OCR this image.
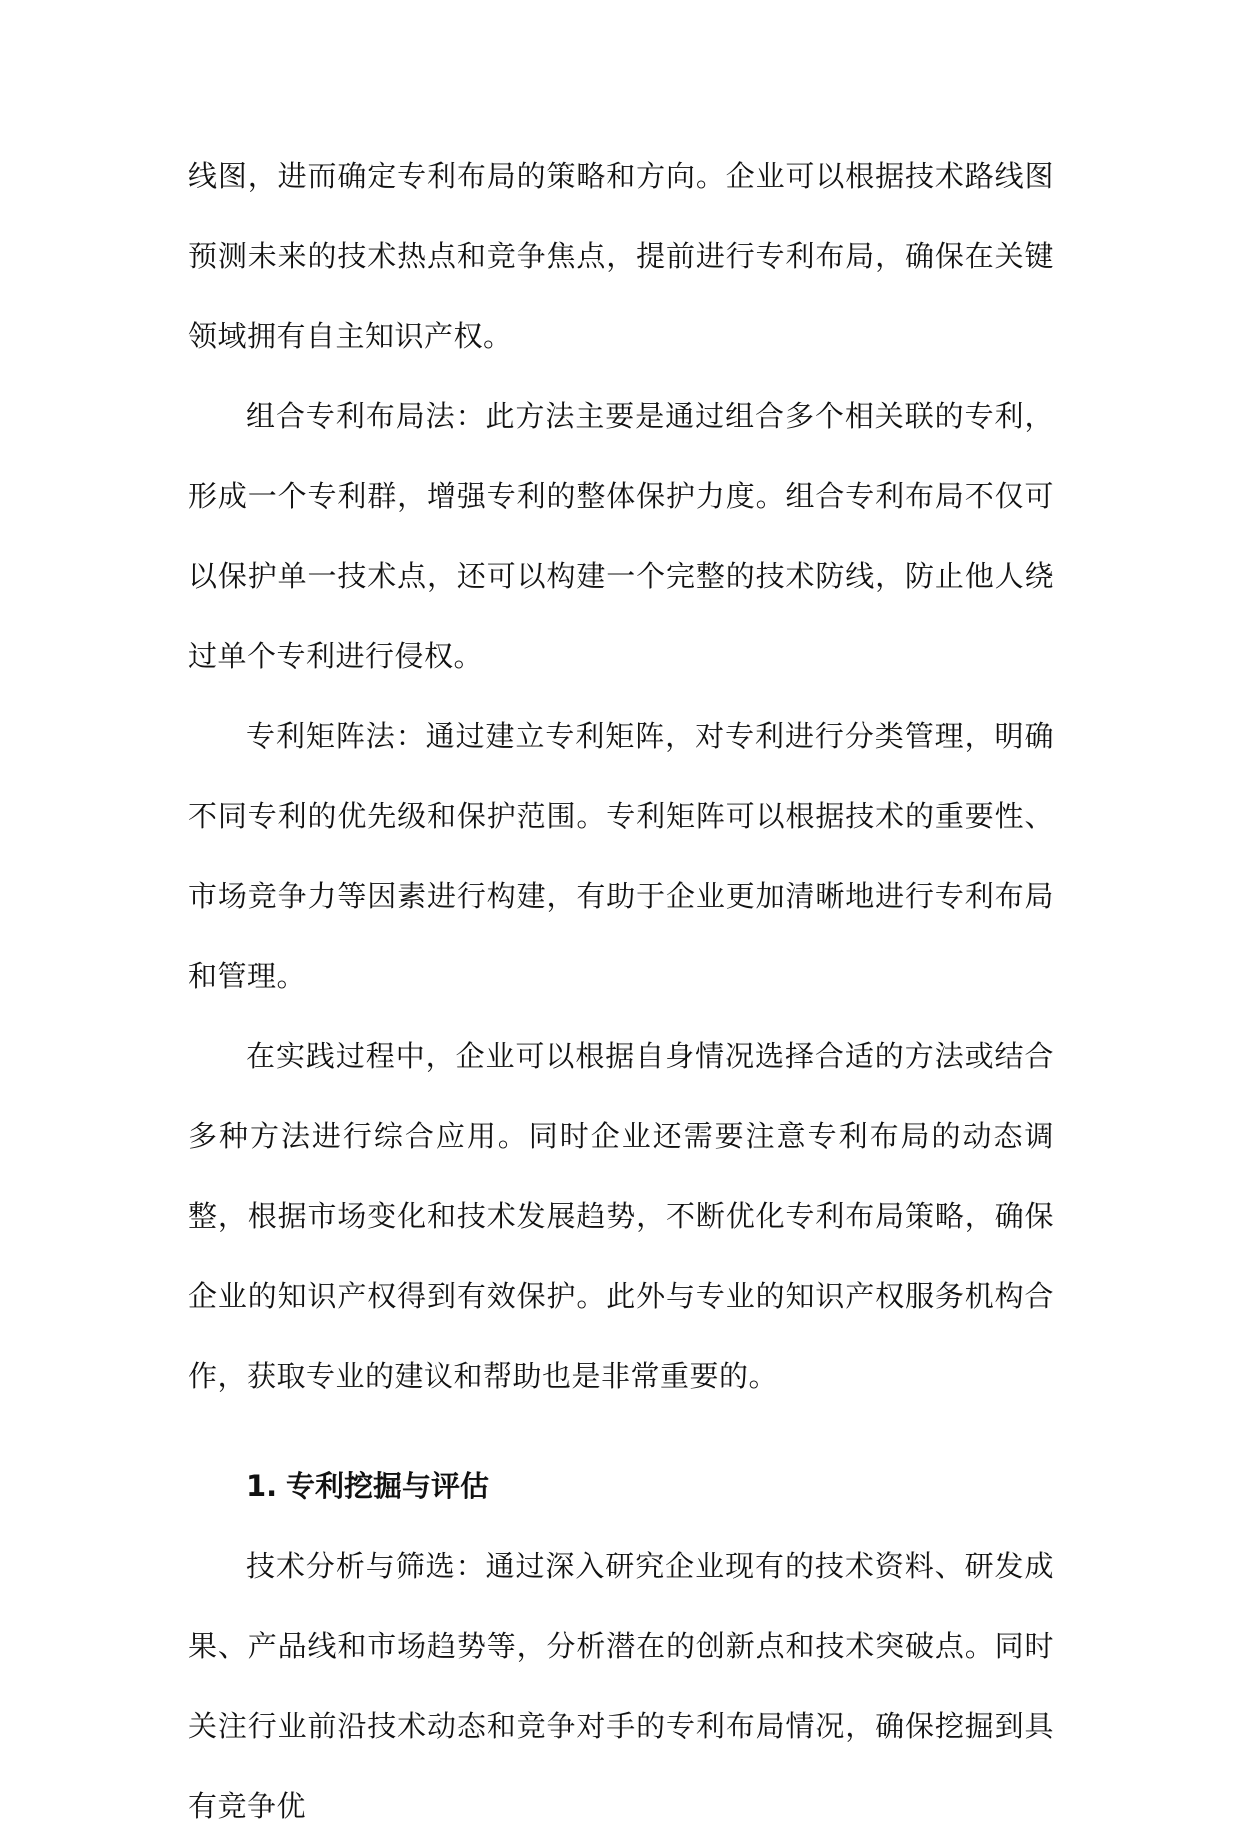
线图，进而确定专利布局的策略和方向。企业可以根据技术路线图预测未来的技术热点和竞争焦点，提前进行专利布局，确保在关键领域拥有自主知识产权。

组合专利布局法：此方法主要是通过组合多个相关联的专利，形成一个专利群，增强专利的整体保护力度。组合专利布局不仅可以保护单一技术点，还可以构建一个完整的技术防线，防止他人绕过单个专利进行侵权。

专利矩阵法：通过建立专利矩阵，对专利进行分类管理，明确不同专利的优先级和保护范围。专利矩阵可以根据技术的重要性、市场竞争力等因素进行构建，有助于企业更加清晰地进行专利布局和管理。

在实践过程中，企业可以根据自身情况选择合适的方法或结合多种方法进行综合应用。同时企业还需要注意专利布局的动态调整，根据市场变化和技术发展趋势，不断优化专利布局策略，确保企业的知识产权得到有效保护。此外与专业的知识产权服务机构合作，获取专业的建议和帮助也是非常重要的。

1. 专利挖掘与评估

技术分析与筛选：通过深入研究企业现有的技术资料、研发成果、产品线和市场趋势等，分析潜在的创新点和技术突破点。同时关注行业前沿技术动态和竞争对手的专利布局情况，确保挖掘到具有竞争优
